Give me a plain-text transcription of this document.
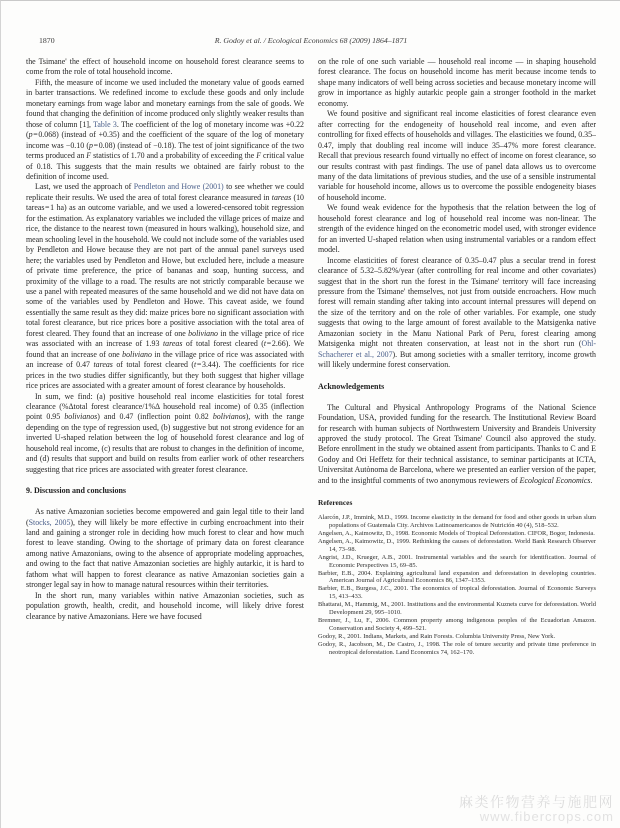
1870	R. Godoy et al. / Ecological Economics 68 (2009) 1864–1871

the Tsimane' the effect of household income on household forest clearance seems to come from the role of total household income.

Fifth, the measure of income we used included the monetary value of goods earned in barter transactions. We redefined income to exclude these goods and only include monetary earnings from wage labor and monetary earnings from the sale of goods. We found that changing the definition of income produced only slightly weaker results than those of column [1], Table 3. The coefficient of the log of monetary income was +0.22 (p = 0.068) (instead of +0.35) and the coefficient of the square of the log of monetary income was −0.10 (p = 0.08) (instead of −0.18). The test of joint significance of the two terms produced an F statistics of 1.70 and a probability of exceeding the F critical value of 0.18. This suggests that the main results we obtained are fairly robust to the definition of income used.

Last, we used the approach of Pendleton and Howe (2001) to see whether we could replicate their results. We used the area of total forest clearance measured in tareas (10 tareas = 1 ha) as an outcome variable, and we used a lowered-censored tobit regression for the estimation. As explanatory variables we included the village prices of maize and rice, the distance to the nearest town (measured in hours walking), household size, and mean schooling level in the household. We could not include some of the variables used by Pendleton and Howe because they are not part of the annual panel surveys used here; the variables used by Pendleton and Howe, but excluded here, include a measure of private time preference, the price of bananas and soap, hunting success, and proximity of the village to a road. The results are not strictly comparable because we use a panel with repeated measures of the same household and we did not have data on some of the variables used by Pendleton and Howe. This caveat aside, we found essentially the same result as they did: maize prices bore no significant association with total forest clearance, but rice prices bore a positive association with the total area of forest cleared. They found that an increase of one boliviano in the village price of rice was associated with an increase of 1.93 tareas of total forest cleared (t = 2.66). We found that an increase of one boliviano in the village price of rice was associated with an increase of 0.47 tareas of total forest cleared (t = 3.44). The coefficients for rice prices in the two studies differ significantly, but they both suggest that higher village rice prices are associated with a greater amount of forest clearance by households.

In sum, we find: (a) positive household real income elasticities for total forest clearance (%Δtotal forest clearance/1%Δ household real income) of 0.35 (inflection point 0.95 bolivianos) and 0.47 (inflection point 0.82 bolivianos), with the range depending on the type of regression used, (b) suggestive but not strong evidence for an inverted U-shaped relation between the log of household forest clearance and log of household real income, (c) results that are robust to changes in the definition of income, and (d) results that support and build on results from earlier work of other researchers suggesting that rice prices are associated with greater forest clearance.

9. Discussion and conclusions

As native Amazonian societies become empowered and gain legal title to their land (Stocks, 2005), they will likely be more effective in curbing encroachment into their land and gaining a stronger role in deciding how much forest to clear and how much forest to leave standing. Owing to the shortage of primary data on forest clearance among native Amazonians, owing to the absence of appropriate modeling approaches, and owing to the fact that native Amazonian societies are highly autarkic, it is hard to fathom what will happen to forest clearance as native Amazonian societies gain a stronger legal say in how to manage natural resources within their territories.

In the short run, many variables within native Amazonian societies, such as population growth, health, credit, and household income, will likely drive forest clearance by native Amazonians. Here we have focused

on the role of one such variable — household real income — in shaping household forest clearance. The focus on household income has merit because income tends to shape many indicators of well being across societies and because monetary income will grow in importance as highly autarkic people gain a stronger foothold in the market economy.

We found positive and significant real income elasticities of forest clearance even after correcting for the endogeneity of household real income, and even after controlling for fixed effects of households and villages. The elasticities we found, 0.35–0.47, imply that doubling real income will induce 35–47% more forest clearance. Recall that previous research found virtually no effect of income on forest clearance, so our results contrast with past findings. The use of panel data allows us to overcome many of the data limitations of previous studies, and the use of a sensible instrumental variable for household income, allows us to overcome the possible endogeneity biases of household income.

We found weak evidence for the hypothesis that the relation between the log of household forest clearance and log of household real income was non-linear. The strength of the evidence hinged on the econometric model used, with stronger evidence for an inverted U-shaped relation when using instrumental variables or a random effect model.

Income elasticities of forest clearance of 0.35–0.47 plus a secular trend in forest clearance of 5.32–5.82%/year (after controlling for real income and other covariates) suggest that in the short run the forest in the Tsimane' territory will face increasing pressure from the Tsimane' themselves, not just from outside encroachers. How much forest will remain standing after taking into account internal pressures will depend on the size of the territory and on the role of other variables. For example, one study suggests that owing to the large amount of forest available to the Matsigenka native Amazonian society in the Manu National Park of Peru, forest clearing among Matsigenka might not threaten conservation, at least not in the short run (Ohl-Schacherer et al., 2007). But among societies with a smaller territory, income growth will likely undermine forest conservation.

Acknowledgements

The Cultural and Physical Anthropology Programs of the National Science Foundation, USA, provided funding for the research. The Institutional Review Board for research with human subjects of Northwestern University and Brandeis University approved the study protocol. The Great Tsimane' Council also approved the study. Before enrollment in the study we obtained assent from participants. Thanks to C and E Godoy and Ori Heffetz for their technical assistance, to seminar participants at ICTA, Universitat Autònoma de Barcelona, where we presented an earlier version of the paper, and to the insightful comments of two anonymous reviewers of Ecological Economics.

References

Alarcón, J.P., Immink, M.D., 1999. Income elasticity in the demand for food and other goods in urban slum populations of Guatemala City. Archivos Latinoamericanos de Nutrición 40 (4), 518–532.

Angelsen, A., Kaimowitz, D., 1998. Economic Models of Tropical Deforestation. CIFOR, Bogor, Indonesia.

Angelsen, A., Kaimowitz, D., 1999. Rethinking the causes of deforestation. World Bank Research Observer 14, 73–98.

Angrist, J.D., Krueger, A.B., 2001. Instrumental variables and the search for identification. Journal of Economic Perspectives 15, 69–85.

Barbier, E.B., 2004. Explaining agricultural land expansion and deforestation in developing countries. American Journal of Agricultural Economics 86, 1347–1353.

Barbier, E.B., Burgess, J.C., 2001. The economics of tropical deforestation. Journal of Economic Surveys 15, 413–433.

Bhattarai, M., Hammig, M., 2001. Institutions and the environmental Kuznets curve for deforestation. World Development 29, 995–1010.

Bremner, J., Lu, F., 2006. Common property among indigenous peoples of the Ecuadorian Amazon. Conservation and Society 4, 499–521.

Godoy, R., 2001. Indians, Markets, and Rain Forests. Columbia University Press, New York.

Godoy, R., Jacobson, M., De Castro, J., 1998. The role of tenure security and private time preference in neotropical deforestation. Land Economics 74, 162–170.

麻类作物营养与施肥网
www.fibercrops.com
